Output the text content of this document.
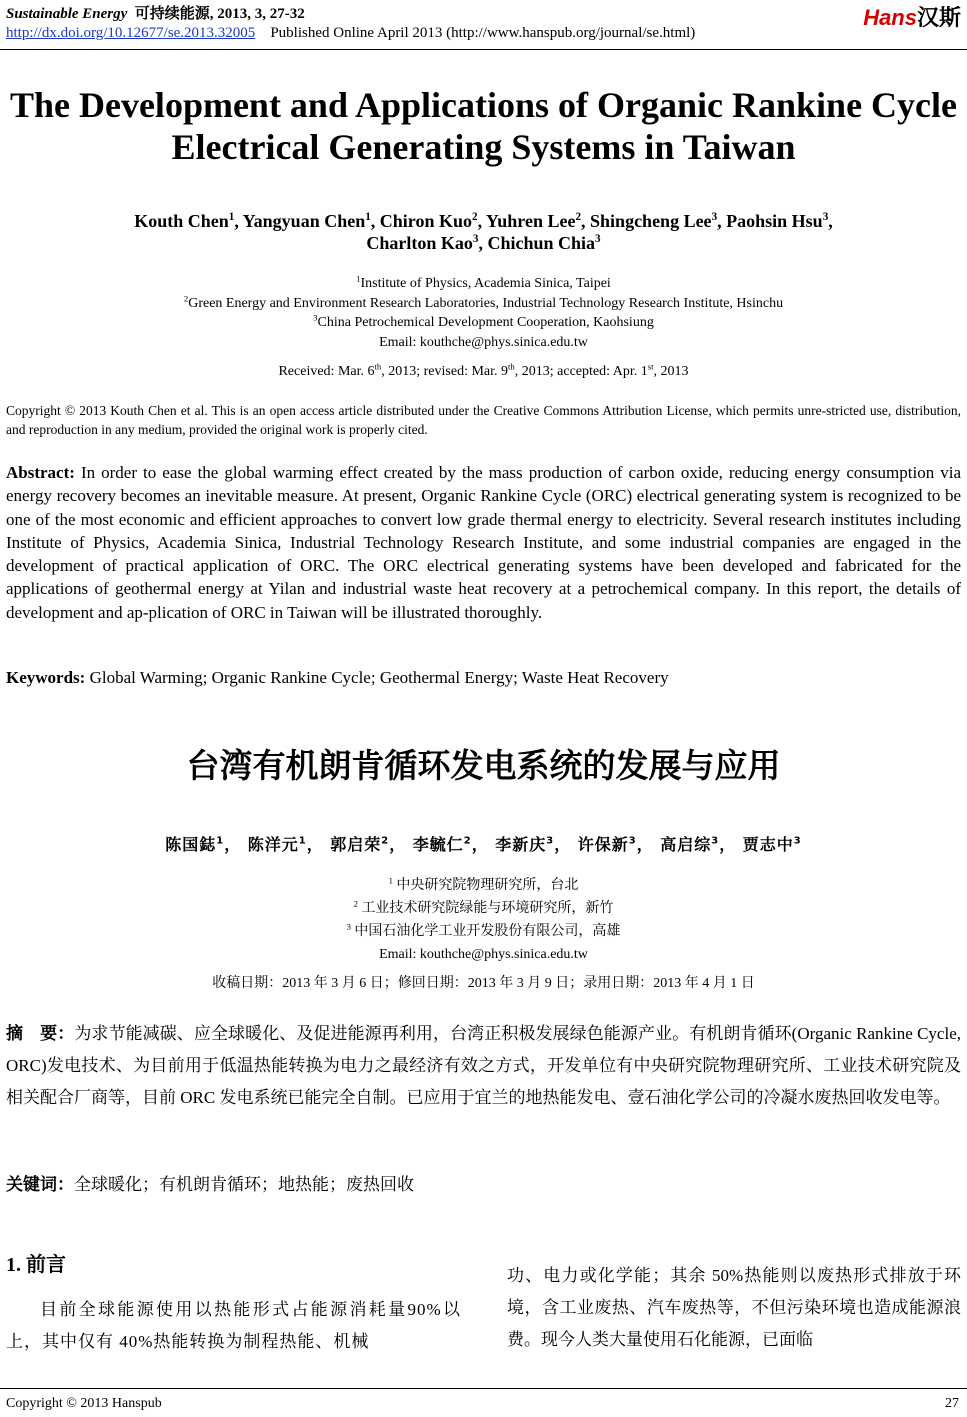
Sustainable Energy 可持续能源, 2013, 3, 27-32
http://dx.doi.org/10.12677/se.2013.32005 Published Online April 2013 (http://www.hanspub.org/journal/se.html)
Hans汉斯
The Development and Applications of Organic Rankine Cycle
Electrical Generating Systems in Taiwan
Kouth Chen$^1$, Yangyuan Chen$^1$, Chiron Kuo$^2$, Yuhren Lee$^2$, Shingcheng Lee$^3$, Paohsin Hsu$^3$,
Charlton Kao$^3$, Chichun Chia$^3$
$^1$Institute of Physics, Academia Sinica, Taipei
$^2$Green Energy and Environment Research Laboratories, Industrial Technology Research Institute, Hsinchu
$^3$China Petrochemical Development Cooperation, Kaohsiung
Email: kouthche@phys.sinica.edu.tw
Received: Mar. 6th, 2013; revised: Mar. 9th, 2013; accepted: Apr. 1st, 2013
Copyright © 2013 Kouth Chen et al. This is an open access article distributed under the Creative Commons Attribution License, which permits unre-stricted use, distribution, and reproduction in any medium, provided the original work is properly cited.
Abstract: In order to ease the global warming effect created by the mass production of carbon oxide, reducing energy consumption via energy recovery becomes an inevitable measure. At present, Organic Rankine Cycle (ORC) electrical generating system is recognized to be one of the most economic and efficient approaches to convert low grade thermal energy to electricity. Several research institutes including Institute of Physics, Academia Sinica, Industrial Technology Research Institute, and some industrial companies are engaged in the development of practical application of ORC. The ORC electrical generating systems have been developed and fabricated for the applications of geothermal energy at Yilan and industrial waste heat recovery at a petrochemical company. In this report, the details of development and ap-plication of ORC in Taiwan will be illustrated thoroughly.
Keywords: Global Warming; Organic Rankine Cycle; Geothermal Energy; Waste Heat Recovery
台湾有机朗肯循环发电系统的发展与应用
陈国鋕$^1$， 陈洋元$^1$， 郭启荣$^2$， 李毓仁$^2$， 李新庆$^3$， 许保新$^3$， 高启综$^3$， 贾志中$^3$
$^1$ 中央研究院物理研究所，台北
$^2$ 工业技术研究院绿能与环境研究所，新竹
$^3$ 中国石油化学工业开发股份有限公司，高雄
Email: kouthche@phys.sinica.edu.tw
收稿日期：2013 年 3 月 6 日；修回日期：2013 年 3 月 9 日；录用日期：2013 年 4 月 1 日
摘　要：为求节能减碳、应全球暖化、及促进能源再利用，台湾正积极发展绿色能源产业。有机朗肯循环(Organic Rankine Cycle, ORC)发电技术、为目前用于低温热能转换为电力之最经济有效之方式，开发单位有中央研究院物理研究所、工业技术研究院及相关配合厂商等，目前 ORC 发电系统已能完全自制。已应用于宜兰的地热能发电、壹石油化学公司的冷凝水废热回收发电等。
关键词：全球暖化；有机朗肯循环；地热能；废热回收
1. 前言
目前全球能源使用以热能形式占能源消耗量90%以上，其中仅有 40%热能转换为制程热能、机械
功、电力或化学能；其余 50%热能则以废热形式排放于环境，含工业废热、汽车废热等，不但污染环境也造成能源浪费。现今人类大量使用石化能源，已面临
Copyright © 2013 Hanspub	27
